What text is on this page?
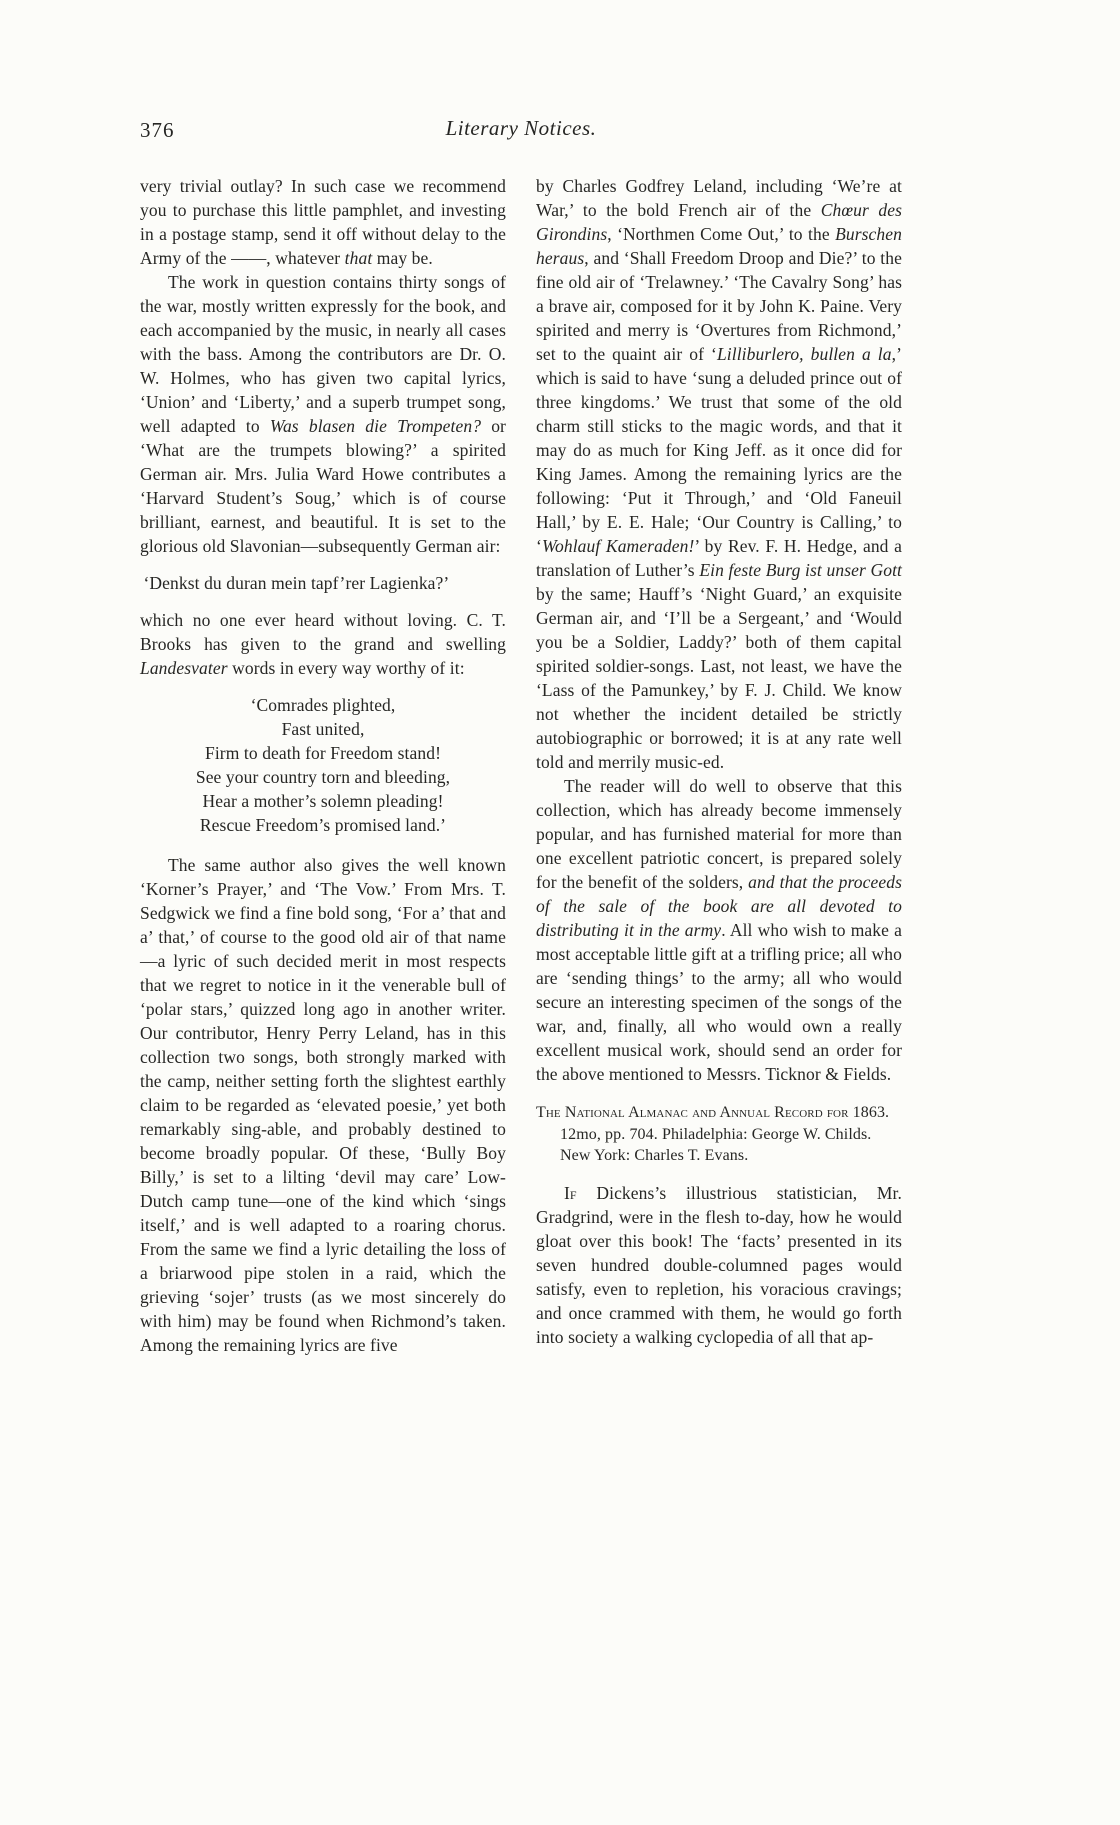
376	Literary Notices.

very trivial outlay? In such case we recommend you to purchase this little pamphlet, and investing in a postage stamp, send it off without delay to the Army of the ——, whatever that may be.

The work in question contains thirty songs of the war, mostly written expressly for the book, and each accompanied by the music, in nearly all cases with the bass. Among the contributors are Dr. O. W. Holmes, who has given two capital lyrics, ‘Union’ and ‘Liberty,’ and a superb trumpet song, well adapted to Was blasen die Trompeten? or ‘What are the trumpets blowing?’ a spirited German air. Mrs. Julia Ward Howe contributes a ‘Harvard Student’s Soug,’ which is of course brilliant, earnest, and beautiful. It is set to the glorious old Slavonian—subsequently German air:

‘Denkst du duran mein tapf’rer Lagienka?’

which no one ever heard without loving. C. T. Brooks has given to the grand and swelling Landesvater words in every way worthy of it:

‘Comrades plighted,
Fast united,
Firm to death for Freedom stand!
See your country torn and bleeding,
Hear a mother’s solemn pleading!
Rescue Freedom’s promised land.’

The same author also gives the well known ‘Korner’s Prayer,’ and ‘The Vow.’ From Mrs. T. Sedgwick we find a fine bold song, ‘For a’ that and a’ that,’ of course to the good old air of that name—a lyric of such decided merit in most respects that we regret to notice in it the venerable bull of ‘polar stars,’ quizzed long ago in another writer. Our contributor, Henry Perry Leland, has in this collection two songs, both strongly marked with the camp, neither setting forth the slightest earthly claim to be regarded as ‘elevated poesie,’ yet both remarkably sing-able, and probably destined to become broadly popular. Of these, ‘Bully Boy Billy,’ is set to a lilting ‘devil may care’ Low-Dutch camp tune—one of the kind which ‘sings itself,’ and is well adapted to a roaring chorus. From the same we find a lyric detailing the loss of a briarwood pipe stolen in a raid, which the grieving ‘sojer’ trusts (as we most sincerely do with him) may be found when Richmond’s taken. Among the remaining lyrics are five

by Charles Godfrey Leland, including ‘We’re at War,’ to the bold French air of the Chœur des Girondins, ‘Northmen Come Out,’ to the Burschen heraus, and ‘Shall Freedom Droop and Die?’ to the fine old air of ‘Trelawney.’ ‘The Cavalry Song’ has a brave air, composed for it by John K. Paine. Very spirited and merry is ‘Overtures from Richmond,’ set to the quaint air of ‘Lilliburlero, bullen a la,’ which is said to have ‘sung a deluded prince out of three kingdoms.’ We trust that some of the old charm still sticks to the magic words, and that it may do as much for King Jeff. as it once did for King James. Among the remaining lyrics are the following: ‘Put it Through,’ and ‘Old Faneuil Hall,’ by E. E. Hale; ‘Our Country is Calling,’ to ‘Wohlauf Kameraden!’ by Rev. F. H. Hedge, and a translation of Luther’s Ein feste Burg ist unser Gott by the same; Hauff’s ‘Night Guard,’ an exquisite German air, and ‘I’ll be a Sergeant,’ and ‘Would you be a Soldier, Laddy?’ both of them capital spirited soldier-songs. Last, not least, we have the ‘Lass of the Pamunkey,’ by F. J. Child. We know not whether the incident detailed be strictly autobiographic or borrowed; it is at any rate well told and merrily music-ed.

The reader will do well to observe that this collection, which has already become immensely popular, and has furnished material for more than one excellent patriotic concert, is prepared solely for the benefit of the solders, and that the proceeds of the sale of the book are all devoted to distributing it in the army. All who wish to make a most acceptable little gift at a trifling price; all who are ‘sending things’ to the army; all who would secure an interesting specimen of the songs of the war, and, finally, all who would own a really excellent musical work, should send an order for the above mentioned to Messrs. Ticknor & Fields.

The National Almanac and Annual Record for 1863. 12mo, pp. 704. Philadelphia: George W. Childs. New York: Charles T. Evans.

If Dickens’s illustrious statistician, Mr. Gradgrind, were in the flesh to-day, how he would gloat over this book! The ‘facts’ presented in its seven hundred double-columned pages would satisfy, even to repletion, his voracious cravings; and once crammed with them, he would go forth into society a walking cyclopedia of all that ap-
